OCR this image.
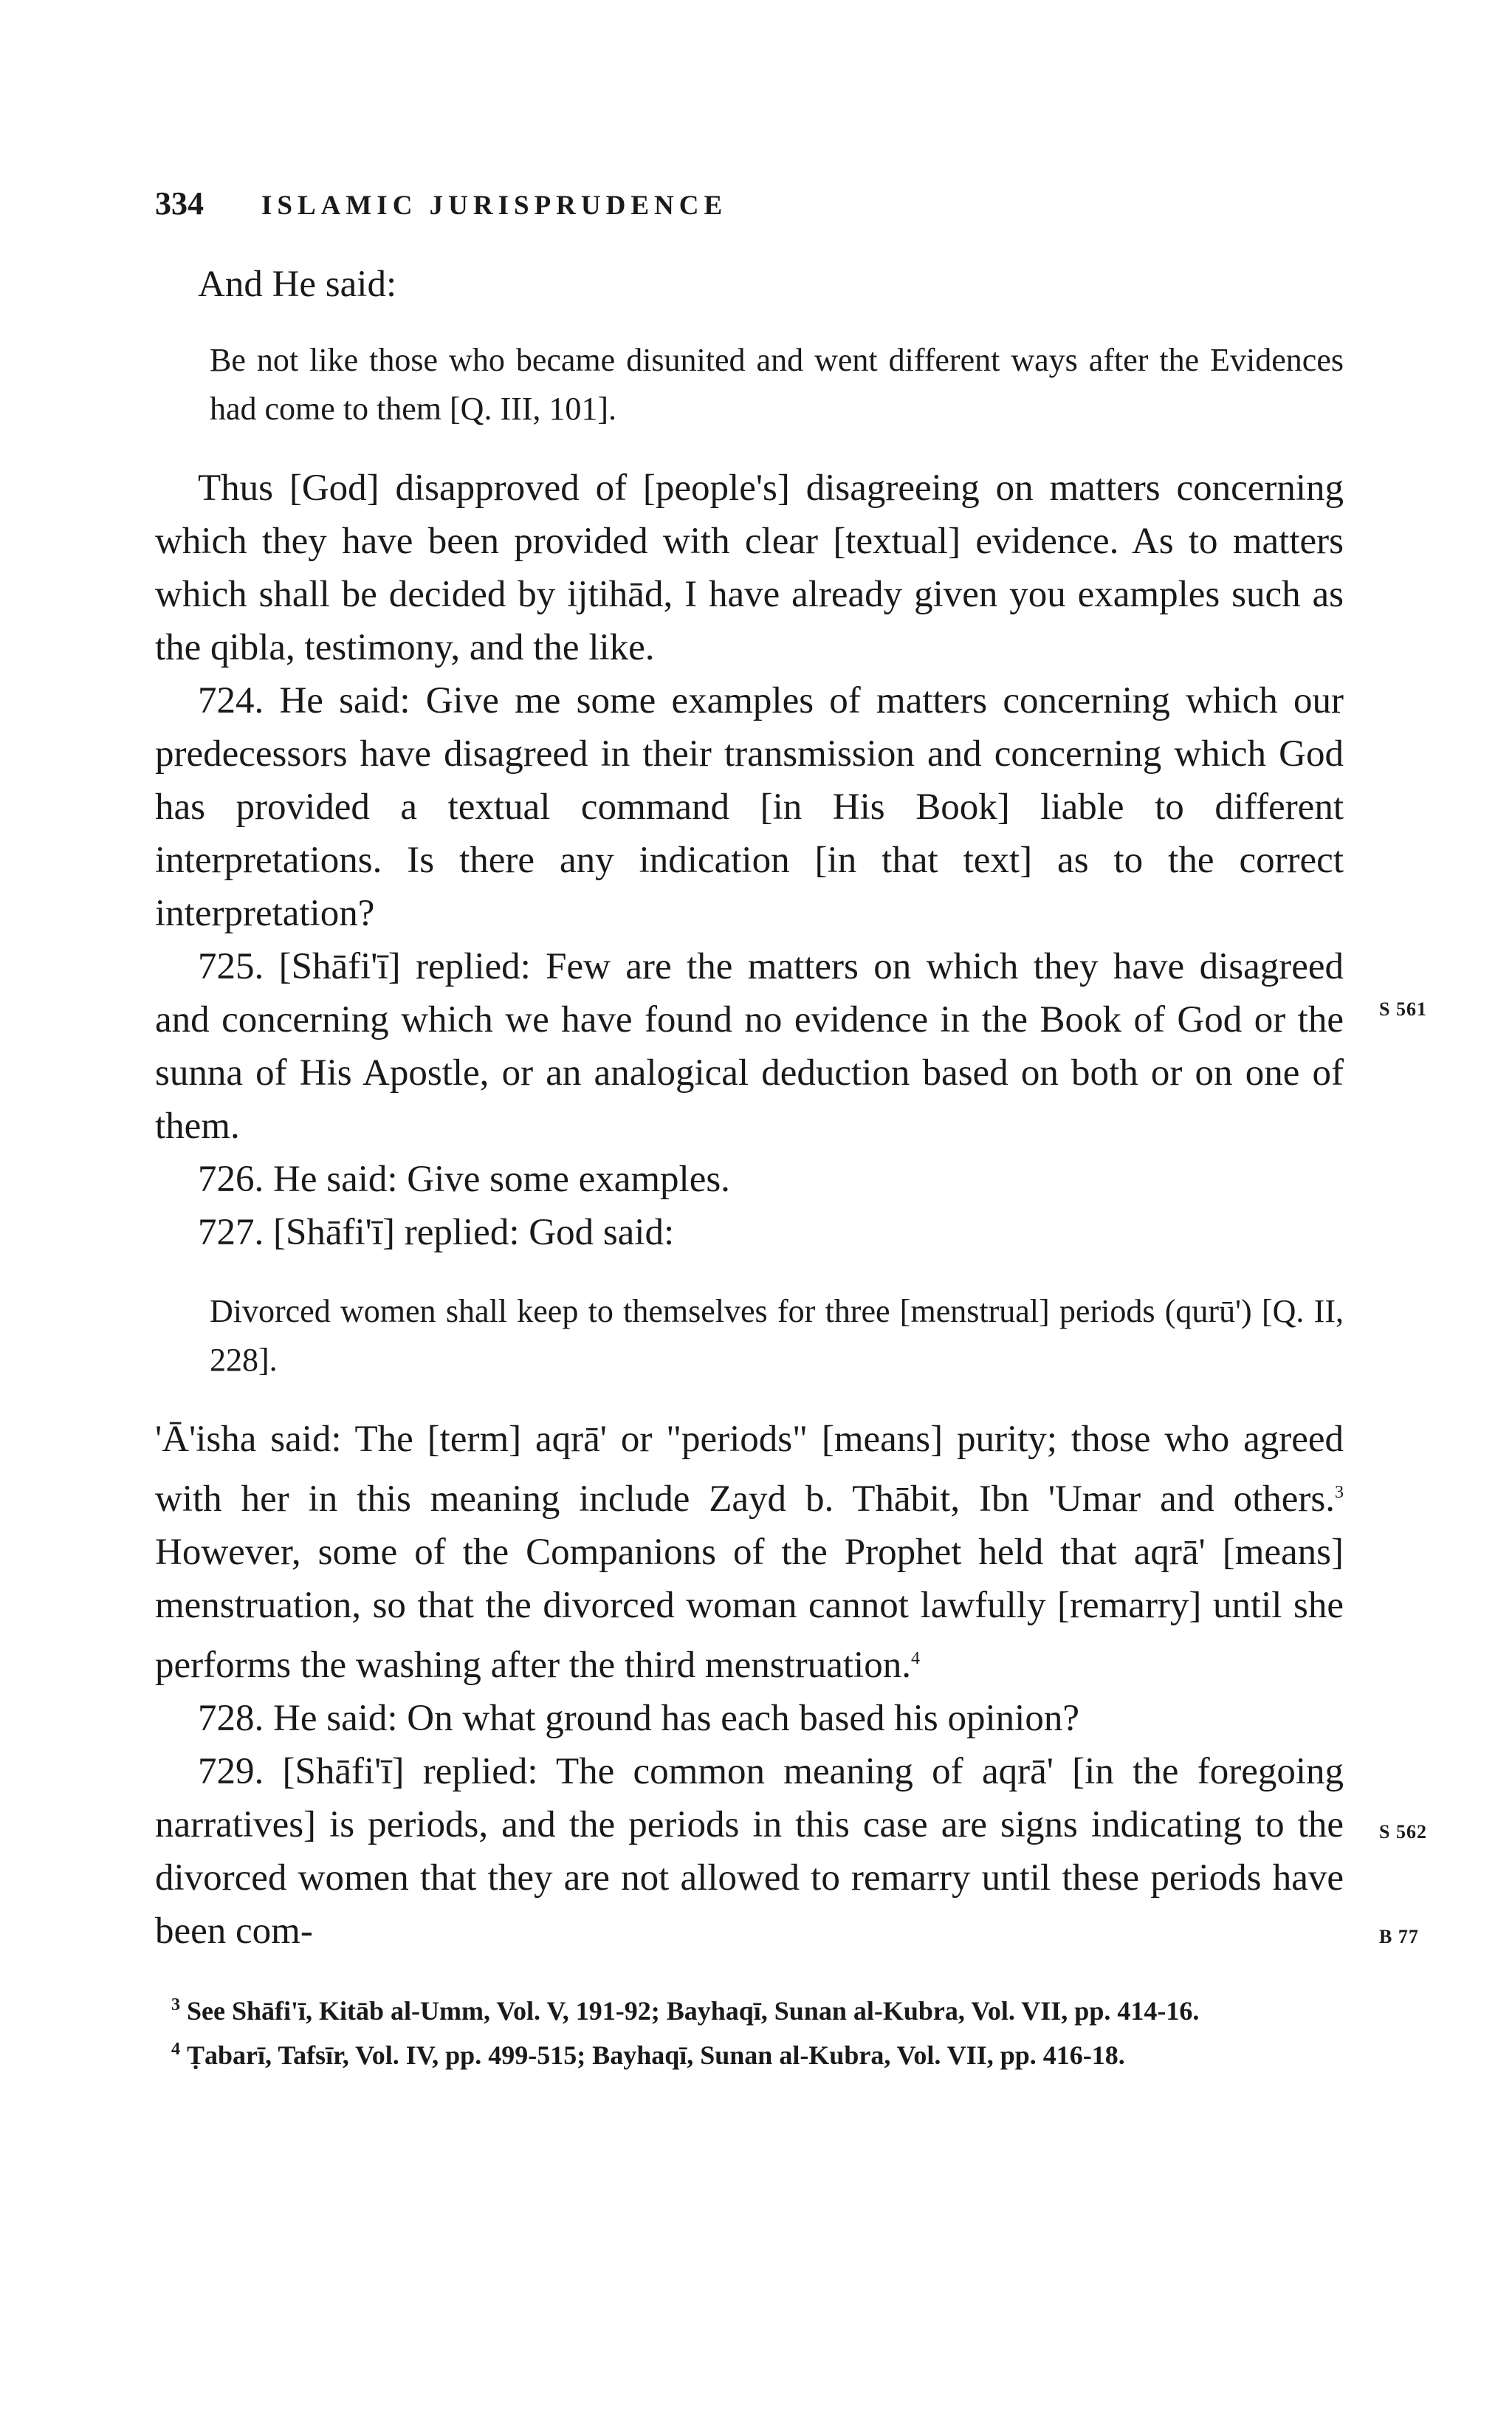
334 ISLAMIC JURISPRUDENCE

And He said:

Be not like those who became disunited and went different ways after the Evidences had come to them [Q. III, 101].

Thus [God] disapproved of [people's] disagreeing on matters concerning which they have been provided with clear [textual] evidence. As to matters which shall be decided by ijtihād, I have already given you examples such as the qibla, testimony, and the like.

724. He said: Give me some examples of matters concerning which our predecessors have disagreed in their transmission and concerning which God has provided a textual command [in His Book] liable to different interpretations. Is there any indication [in that text] as to the correct interpretation?

725. [Shāfi'ī] replied: Few are the matters on which they have disagreed and concerning which we have found no evidence in the Book of God or the sunna of His Apostle, or an analogical deduction based on both or on one of them.

726. He said: Give some examples.

727. [Shāfi'ī] replied: God said:

Divorced women shall keep to themselves for three [menstrual] periods (qurū') [Q. II, 228].

'Ā'isha said: The [term] aqrā' or "periods" [means] purity; those who agreed with her in this meaning include Zayd b. Thābit, Ibn 'Umar and others.$^3$ However, some of the Companions of the Prophet held that aqrā' [means] menstruation, so that the divorced woman cannot lawfully [remarry] until she performs the washing after the third menstruation.$^4$

728. He said: On what ground has each based his opinion?

729. [Shāfi'ī] replied: The common meaning of aqrā' [in the foregoing narratives] is periods, and the periods in this case are signs indicating to the divorced women that they are not allowed to remarry until these periods have been com-

$^3$ See Shāfi'ī, Kitāb al-Umm, Vol. V, 191-92; Bayhaqī, Sunan al-Kubra, Vol. VII, pp. 414-16.

$^4$ Ṭabarī, Tafsīr, Vol. IV, pp. 499-515; Bayhaqī, Sunan al-Kubra, Vol. VII, pp. 416-18.

S 561
S 562
B 77
